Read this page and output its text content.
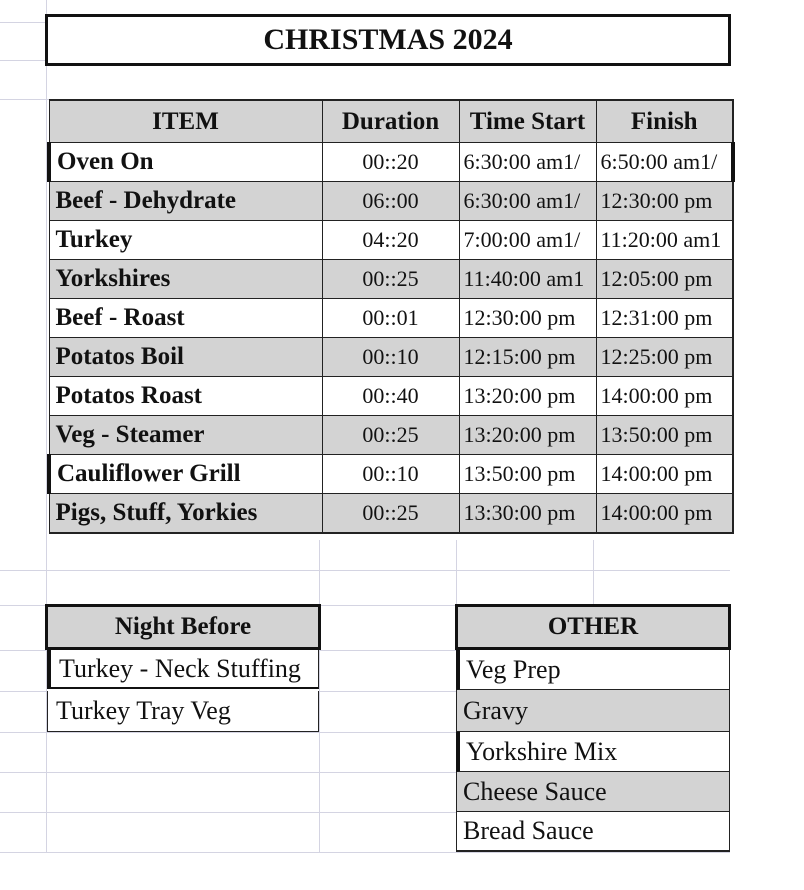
CHRISTMAS 2024
ITEM	Duration	Time Start	Finish
Oven On	00::20	6:30:00 am1/	6:50:00 am1/
Beef - Dehydrate	06::00	6:30:00 am1/	12:30:00 pm
Turkey	04::20	7:00:00 am1/	11:20:00 am1
Yorkshires	00::25	11:40:00 am1	12:05:00 pm
Beef - Roast	00::01	12:30:00 pm	12:31:00 pm
Potatos Boil	00::10	12:15:00 pm	12:25:00 pm
Potatos Roast	00::40	13:20:00 pm	14:00:00 pm
Veg - Steamer	00::25	13:20:00 pm	13:50:00 pm
Cauliflower Grill	00::10	13:50:00 pm	14:00:00 pm
Pigs, Stuff, Yorkies	00::25	13:30:00 pm	14:00:00 pm
Night Before
Turkey - Neck Stuffing
Turkey Tray Veg
OTHER
Veg Prep
Gravy
Yorkshire Mix
Cheese Sauce
Bread Sauce
